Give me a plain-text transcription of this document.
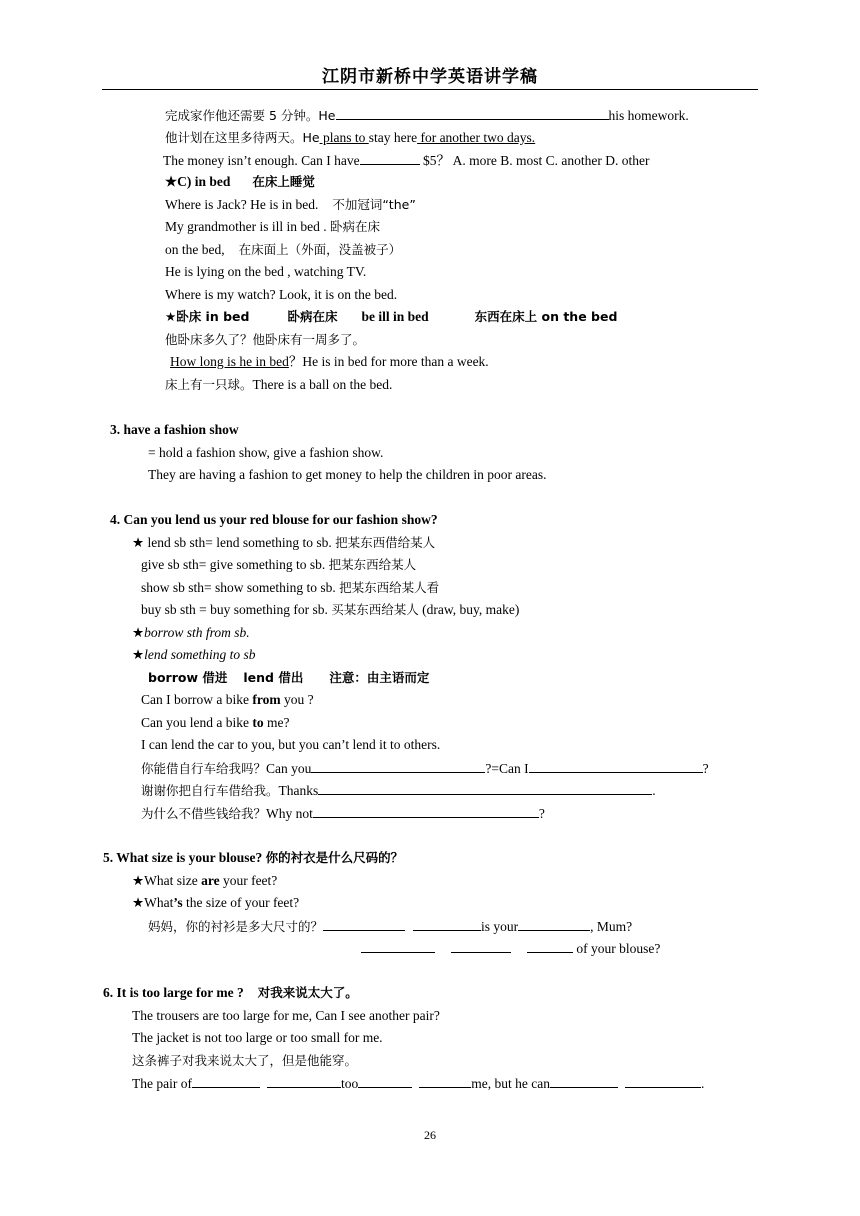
江阴市新桥中学英语讲学稿
完成家作他还需要 5 分钟。He	his homework.
他计划在这里多待两天。He plans to stay here for another two days.
The money isn’t enough. Can I have	$5？ A. more B. most C. another D. other
★C) in bed 在床上睡觉
Where is Jack? He is in bed. 不加冠词“the”
My grandmother is ill in bed . 卧病在床
on the bed, 在床面上（外面，没盖被子）
He is lying on the bed , watching TV.
Where is my watch? Look, it is on the bed.
★卧床 in bed	卧病在床 be ill in bed	东西在床上 on the bed
他卧床多久了？他卧床有一周多了。
How long is he in bed？He is in bed for more than a week.
床上有一只球。There is a ball on the bed.
3. have a fashion show
= hold a fashion show, give a fashion show.
They are having a fashion to get money to help the children in poor areas.
4. Can you lend us your red blouse for our fashion show?
★ lend sb sth= lend something to sb. 把某东西借给某人
give sb sth= give something to sb. 把某东西给某人
show sb sth= show something to sb. 把某东西给某人看
buy sb sth = buy something for sb. 买某东西给某人 (draw, buy, make)
★borrow sth from sb.
★lend something to sb
borrow 借进 lend 借出 注意：由主语而定
Can I borrow a bike from you ?
Can you lend a bike to me?
I can lend the car to you, but you can’t lend it to others.
你能借自行车给我吗？Can you	?=Can I	?
谢谢你把自行车借给我。Thanks	.
为什么不借些钱给我？Why not	?
5. What size is your blouse? 你的衬衣是什么尺码的？
★What size are your feet?
★What’s the size of your feet?
妈妈，你的衬衫是多大尺寸的？	is your	, Mum?
of your blouse?
6. It is too large for me ? 对我来说太大了。
The trousers are too large for me, Can I see another pair?
The jacket is not too large or too small for me.
这条裤子对我来说太大了，但是他能穿。
The pair of	too	me, but he can	.
26
